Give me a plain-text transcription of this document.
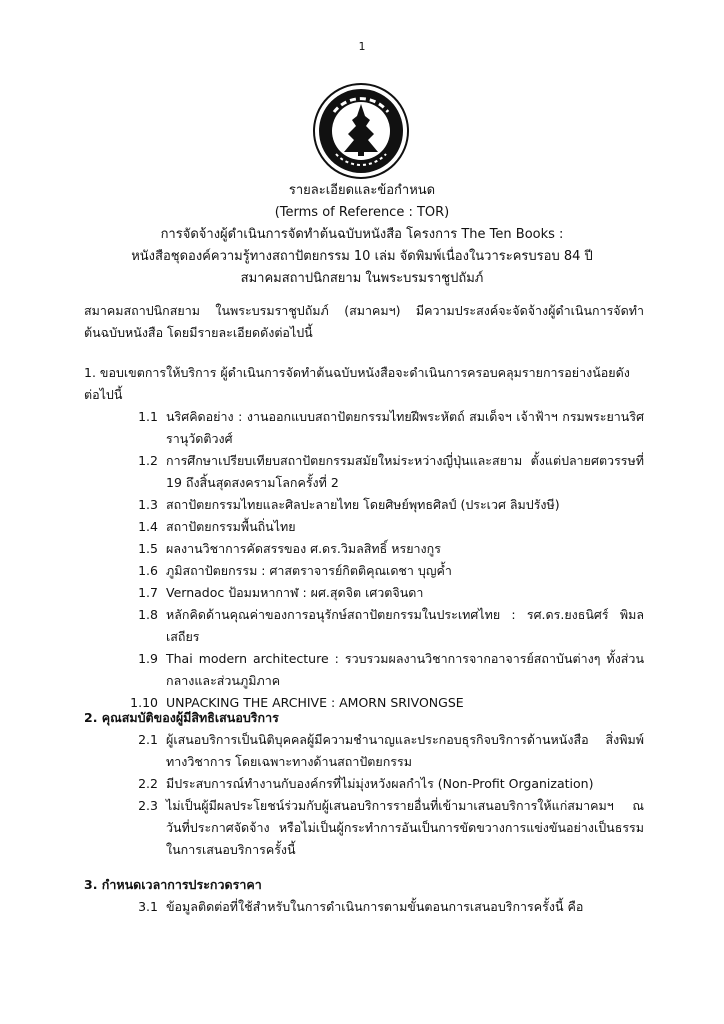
1
รายละเอียดและข้อกำหนด
(Terms of Reference : TOR)
การจัดจ้างผู้ดำเนินการจัดทำต้นฉบับหนังสือ โครงการ The Ten Books :
หนังสือชุดองค์ความรู้ทางสถาปัตยกรรม 10 เล่ม จัดพิมพ์เนื่องในวาระครบรอบ 84 ปี
สมาคมสถาปนิกสยาม ในพระบรมราชูปถัมภ์

สมาคมสถาปนิกสยาม ในพระบรมราชูปถัมภ์ (สมาคมฯ) มีความประสงค์จะจัดจ้างผู้ดำเนินการจัดทำต้นฉบับหนังสือ โดยมีรายละเอียดดังต่อไปนี้

1. ขอบเขตการให้บริการ ผู้ดำเนินการจัดทำต้นฉบับหนังสือจะดำเนินการครอบคลุมรายการอย่างน้อยดังต่อไปนี้

1.1 นริศคิดอย่าง : งานออกแบบสถาปัตยกรรมไทยฝีพระหัตถ์ สมเด็จฯ เจ้าฟ้าฯ กรมพระยานริศรานุวัดติวงศ์
1.2 การศึกษาเปรียบเทียบสถาปัตยกรรมสมัยใหม่ระหว่างญี่ปุ่นและสยาม ตั้งแต่ปลายศตวรรษที่ 19 ถึงสิ้นสุดสงครามโลกครั้งที่ 2
1.3 สถาปัตยกรรมไทยและศิลปะลายไทย โดยศิษย์พุทธศิลป์ (ประเวศ ลิมปรังษี)
1.4 สถาปัตยกรรมพื้นถิ่นไทย
1.5 ผลงานวิชาการคัดสรรของ ศ.ดร.วิมลสิทธิ์ หรยางกูร
1.6 ภูมิสถาปัตยกรรม : ศาสตราจารย์กิตติคุณเดชา บุญค้ำ
1.7 Vernadoc ป้อมมหากาฬ : ผศ.สุดจิต เศวตจินดา
1.8 หลักคิดด้านคุณค่าของการอนุรักษ์สถาปัตยกรรมในประเทศไทย : รศ.ดร.ยงธนิศร์ พิมลเสถียร
1.9 Thai modern architecture : รวบรวมผลงานวิชาการจากอาจารย์สถาบันต่างๆ ทั้งส่วนกลางและส่วนภูมิภาค
1.10 UNPACKING THE ARCHIVE : AMORN SRIVONGSE

2. คุณสมบัติของผู้มีสิทธิเสนอบริการ

2.1 ผู้เสนอบริการเป็นนิติบุคคลผู้มีความชำนาญและประกอบธุรกิจบริการด้านหนังสือ สิ่งพิมพ์ ทางวิชาการ โดยเฉพาะทางด้านสถาปัตยกรรม
2.2 มีประสบการณ์ทำงานกับองค์กรที่ไม่มุ่งหวังผลกำไร (Non-Profit Organization)
2.3 ไม่เป็นผู้มีผลประโยชน์ร่วมกับผู้เสนอบริการรายอื่นที่เข้ามาเสนอบริการให้แก่สมาคมฯ ณ วันที่ประกาศจัดจ้าง หรือไม่เป็นผู้กระทำการอันเป็นการขัดขวางการแข่งขันอย่างเป็นธรรมในการเสนอบริการครั้งนี้

3. กำหนดเวลาการประกวดราคา

3.1 ข้อมูลติดต่อที่ใช้สำหรับในการดำเนินการตามขั้นตอนการเสนอบริการครั้งนี้ คือ
